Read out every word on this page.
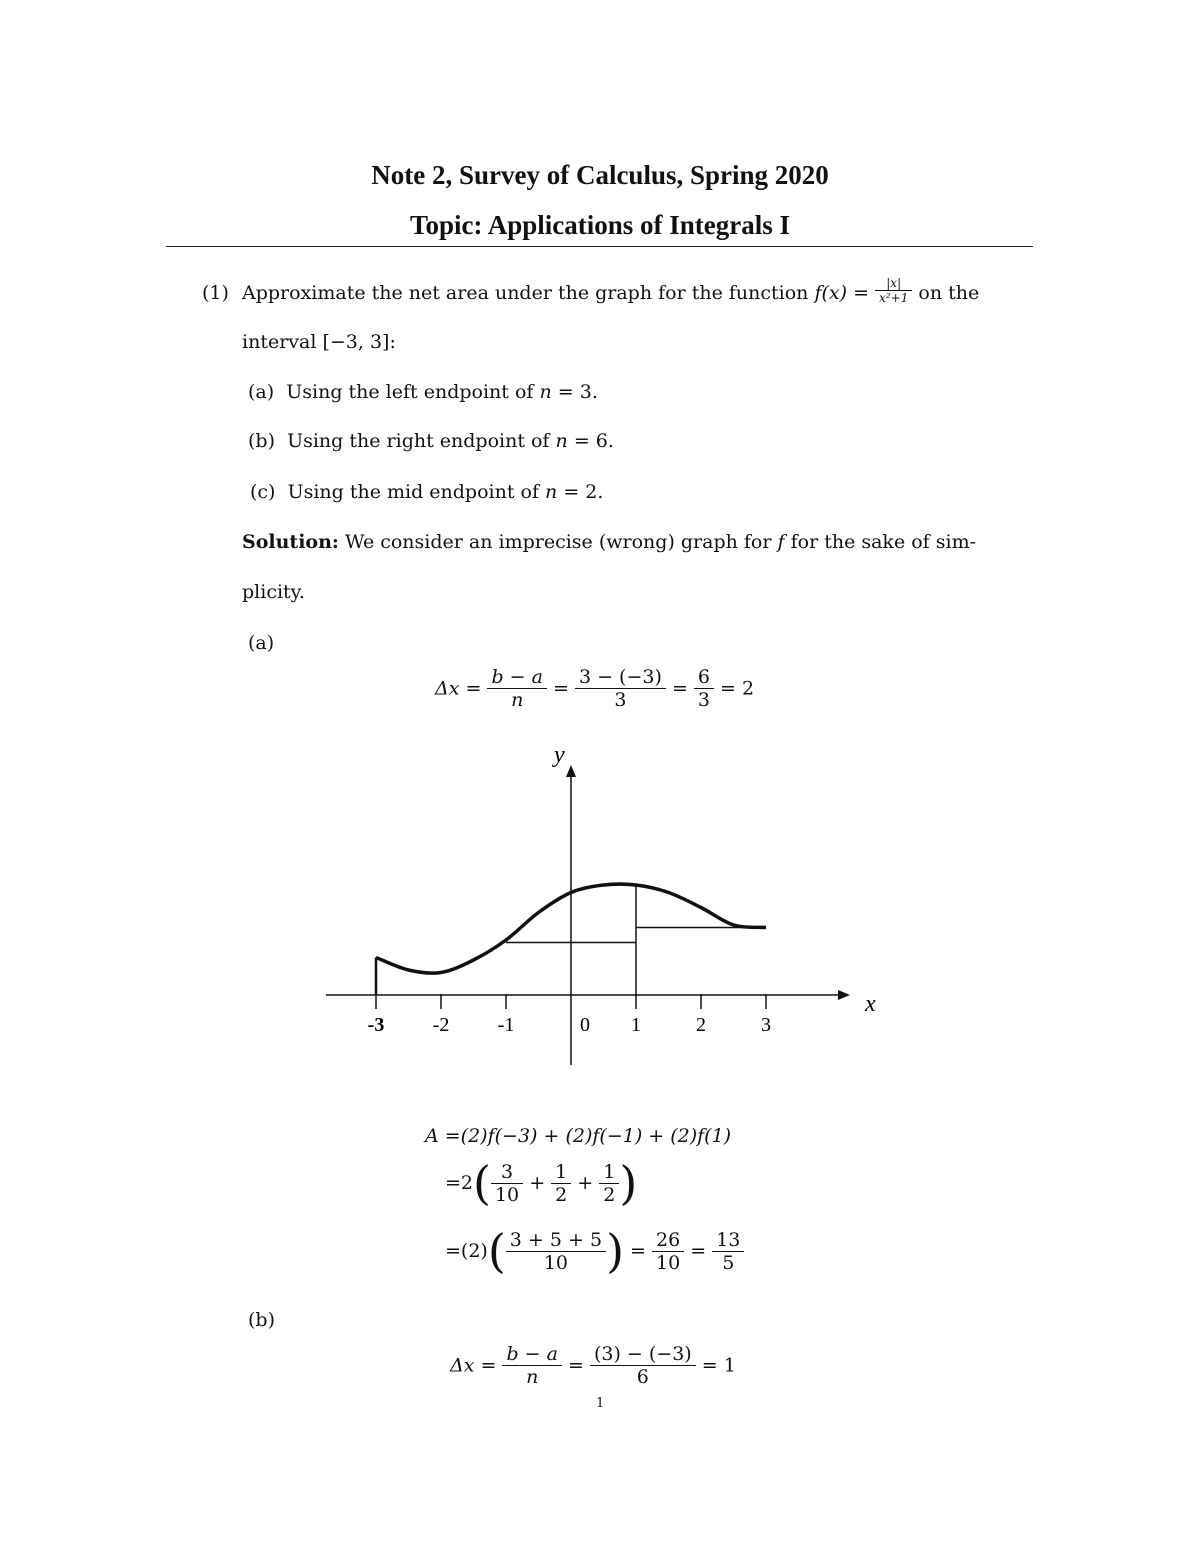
Note 2, Survey of Calculus, Spring 2020
Topic: Applications of Integrals I
(1) Approximate the net area under the graph for the function $f(x) = \frac{|x|}{\text{x²+1}}$ on the
interval [−3, 3]:
(a) Using the left endpoint of n = 3.
(b) Using the right endpoint of n = 6.
(c) Using the mid endpoint of n = 2.
Solution: We consider an imprecise (wrong) graph for f for the sake of sim-
plicity.
(a)
$\Delta x = \frac{b - a}{n} = \frac{3 - (-3)}{3} = \frac{6}{3} = 2$
y
x
-3 -2 -1	0 1	2	3
A =(2)f(−3) + (2)f(−1) + (2)f(1)
$=2( \frac{3}{10} + \frac{1}{2} + \frac{1}{2}$ )
$=(2)( \frac{3 + 5 + 5}{10}$ ) = $\frac{26}{10} = \frac{13}{5}$
(b)
$\Delta x = \frac{b - a}{n} = \frac{(3) - (-3)}{6} = 1$
1
